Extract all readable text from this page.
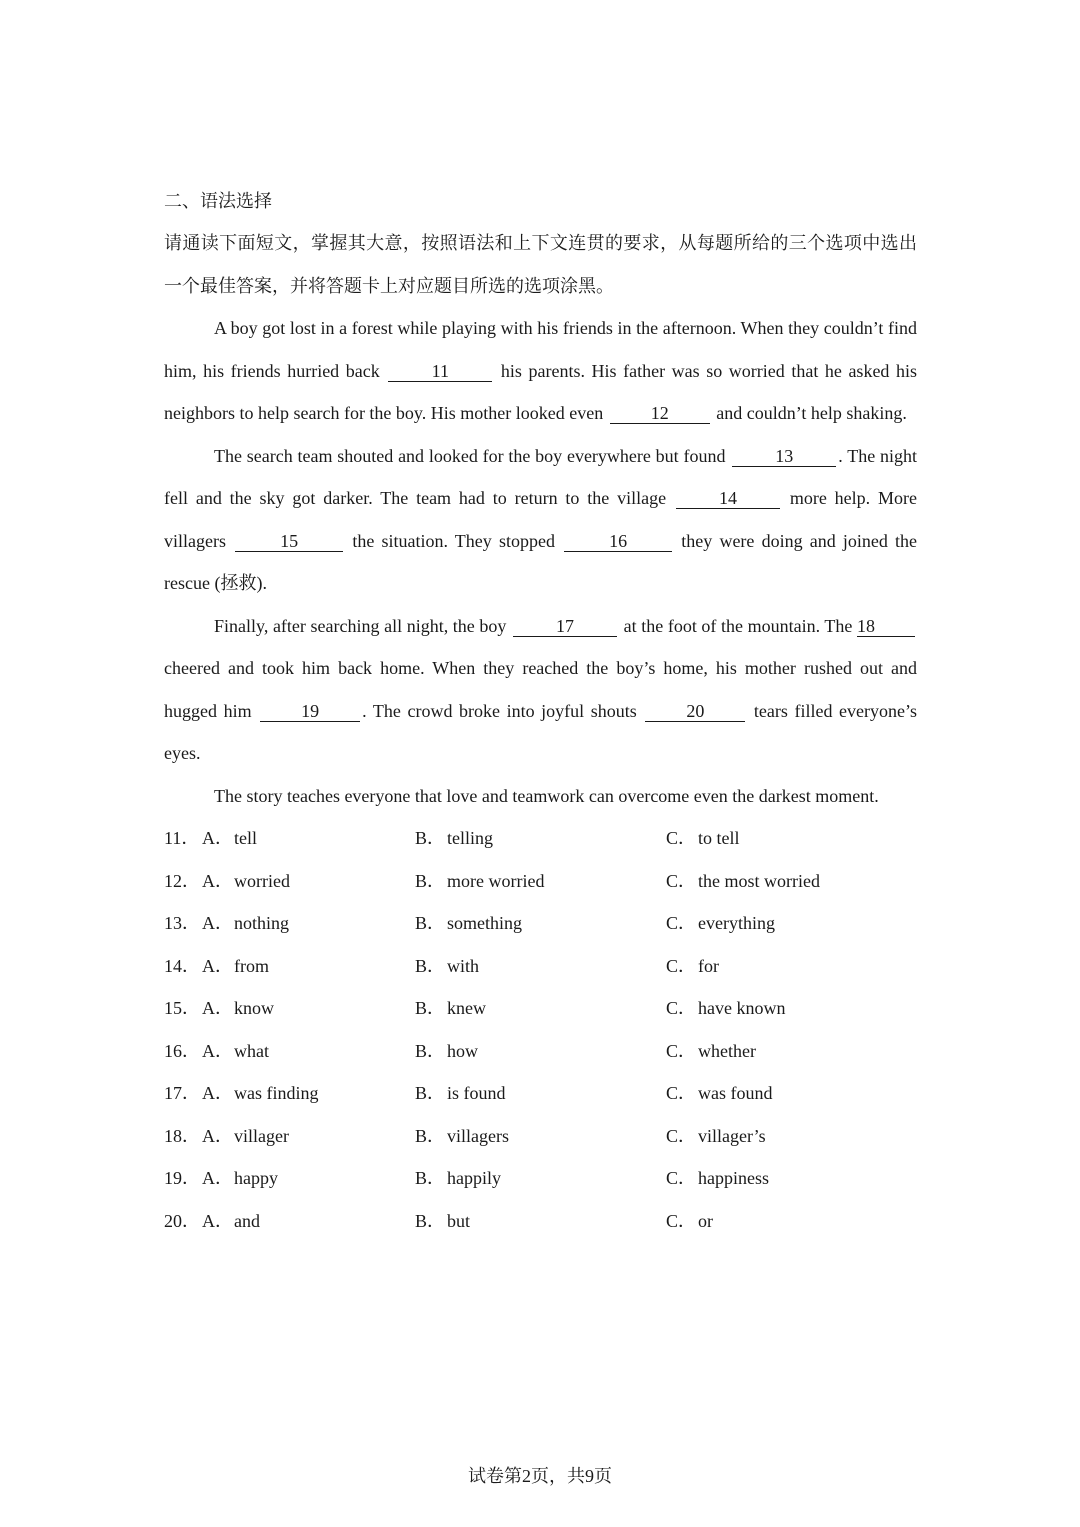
二、语法选择
请通读下面短文，掌握其大意，按照语法和上下文连贯的要求，从每题所给的三个选项中选出一个最佳答案，并将答题卡上对应题目所选的选项涂黑。
A boy got lost in a forest while playing with his friends in the afternoon. When they couldn’t find him, his friends hurried back	11	his parents. His father was so worried that he asked his neighbors to help search for the boy. His mother looked even	12	and couldn’t help shaking.
The search team shouted and looked for the boy everywhere but found	13	. The night fell and the sky got darker. The team had to return to the village	14	more help. More villagers	15	the situation. They stopped	16	they were doing and joined the rescue (拯救).
Finally, after searching all night, the boy	17	at the foot of the mountain. The 18 cheered and took him back home. When they reached the boy’s home, his mother rushed out and hugged him	19 . The crowd broke into joyful shouts	20	tears filled everyone’s eyes.
The story teaches everyone that love and teamwork can overcome even the darkest moment.
11． A． tell	B． telling	C． to tell
12． A． worried	B． more worried	C． the most worried
13． A． nothing	B． something	C． everything
14． A． from	B． with	C． for
15． A． know	B． knew	C． have known
16． A． what	B． how	C． whether
17． A． was finding	B． is found	C． was found
18． A． villager	B． villagers	C． villager’s
19． A． happy	B． happily	C． happiness
20． A． and	B． but	C． or
试卷第2页，共9页
